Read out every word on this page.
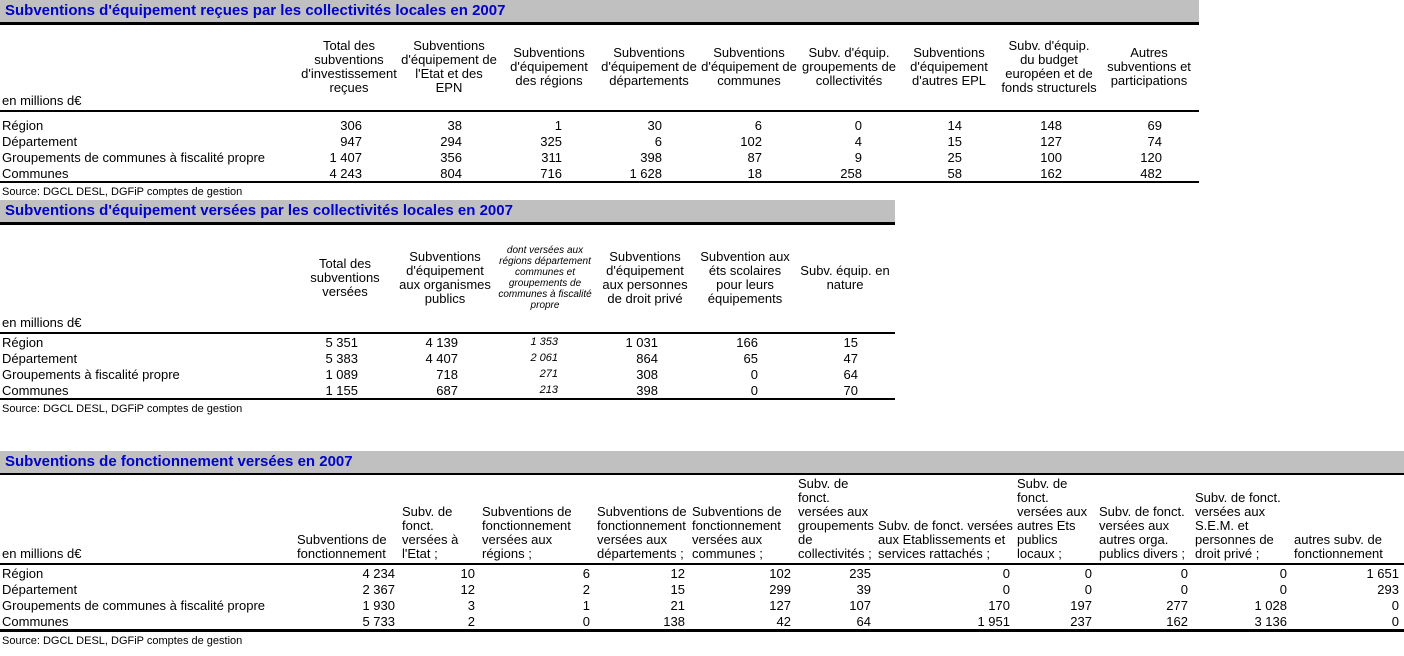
Subventions d'équipement reçues par les collectivités locales en 2007
en millions d€	Total des subventions d'investissement reçues	Subventions d'équipement de l'Etat et des EPN	Subventions d'équipement des régions	Subventions d'équipement de départements	Subventions d'équipement de communes	Subv. d'équip. groupements de collectivités	Subventions d'équipement d'autres EPL	Subv. d'équip. du budget européen et de fonds structurels	Autres subventions et participations
Région	306	38	1	30	6	0	14	148	69
Département	947	294	325	6	102	4	15	127	74
Groupements de communes à fiscalité propre	1 407	356	311	398	87	9	25	100	120
Communes	4 243	804	716	1 628	18	258	58	162	482
Source: DGCL DESL, DGFiP comptes de gestion
Subventions d'équipement versées par les collectivités locales en 2007
en millions d€	Total des subventions versées	Subventions d'équipement aux organismes publics	dont versées aux régions département communes et groupements de communes à fiscalité propre	Subventions d'équipement aux personnes de droit privé	Subvention aux éts scolaires pour leurs équipements	Subv. équip. en nature
Région	5 351	4 139	1 353	1 031	166	15
Département	5 383	4 407	2 061	864	65	47
Groupements à fiscalité propre	1 089	718	271	308	0	64
Communes	1 155	687	213	398	0	70
Source: DGCL DESL, DGFiP comptes de gestion
Subventions de fonctionnement versées en 2007
en millions d€	Subventions de fonctionnement	Subv. de fonct. versées à l'Etat ;	Subventions de fonctionnement versées aux régions ;	Subventions de fonctionnement versées aux départements ;	Subventions de fonctionnement versées aux communes ;	Subv. de fonct. versées aux groupements de collectivités ;	Subv. de fonct. versées aux Etablissements et services rattachés ;	Subv. de fonct. versées aux autres Ets publics locaux ;	Subv. de fonct. versées aux autres orga. publics divers ;	Subv. de fonct. versées aux S.E.M. et personnes de droit privé ;	autres subv. de fonctionnement
Région	4 234	10	6	12	102	235	0	0	0	0	1 651
Département	2 367	12	2	15	299	39	0	0	0	0	293
Groupements de communes à fiscalité propre	1 930	3	1	21	127	107	170	197	277	1 028	0
Communes	5 733	2	0	138	42	64	1 951	237	162	3 136	0
Source: DGCL DESL, DGFiP comptes de gestion
